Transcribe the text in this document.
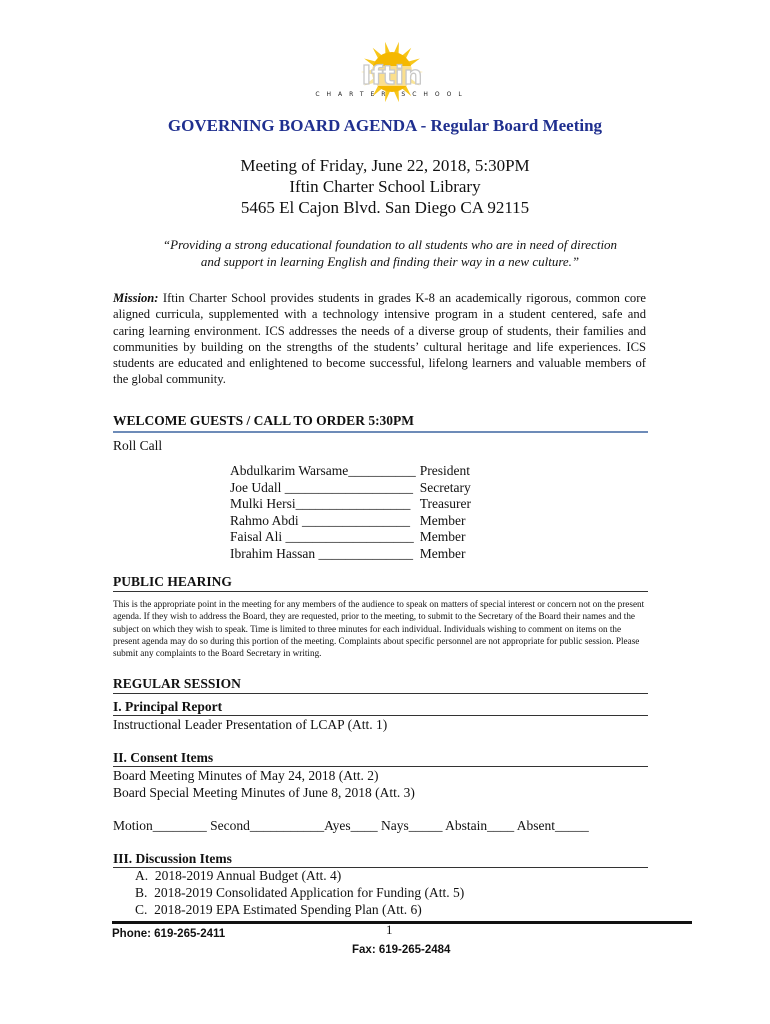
Iftin
CHARTER SCHOOL
GOVERNING BOARD AGENDA - Regular Board Meeting
Meeting of Friday, June 22, 2018, 5:30PM
Iftin Charter School Library
5465 El Cajon Blvd. San Diego CA 92115
“Providing a strong educational foundation to all students who are in need of direction
and support in learning English and finding their way in a new culture.”
Mission: Iftin Charter School provides students in grades K-8 an academically rigorous, common core aligned curricula, supplemented with a technology intensive program in a student centered, safe and caring learning environment. ICS addresses the needs of a diverse group of students, their families and communities by building on the strengths of the students’ cultural heritage and life experiences. ICS students are educated and enlightened to become successful, lifelong learners and valuable members of the global community.
WELCOME GUESTS / CALL TO ORDER 5:30PM
Roll Call
Abdulkarim Warsame__________	President
Joe Udall ___________________	Secretary
Mulki Hersi_________________	Treasurer
Rahmo Abdi ________________	Member
Faisal Ali ___________________	Member
Ibrahim Hassan ______________	Member
PUBLIC HEARING
This is the appropriate point in the meeting for any members of the audience to speak on matters of special interest or concern not on the present agenda. If they wish to address the Board, they are requested, prior to the meeting, to submit to the Secretary of the Board their names and the subject on which they wish to speak. Time is limited to three minutes for each individual. Individuals wishing to comment on items on the present agenda may do so during this portion of the meeting. Complaints about specific personnel are not appropriate for public session. Please submit any complaints to the Board Secretary in writing.
REGULAR SESSION
I. Principal Report
Instructional Leader Presentation of LCAP (Att. 1)
II. Consent Items
Board Meeting Minutes of May 24, 2018 (Att. 2)
Board Special Meeting Minutes of June 8, 2018 (Att. 3)
Motion________ Second___________Ayes____ Nays_____ Abstain____ Absent_____
III. Discussion Items
A. 2018-2019 Annual Budget (Att. 4)
B. 2018-2019 Consolidated Application for Funding (Att. 5)
C. 2018-2019 EPA Estimated Spending Plan (Att. 6)
Phone: 619-265-2411	1
Fax: 619-265-2484
